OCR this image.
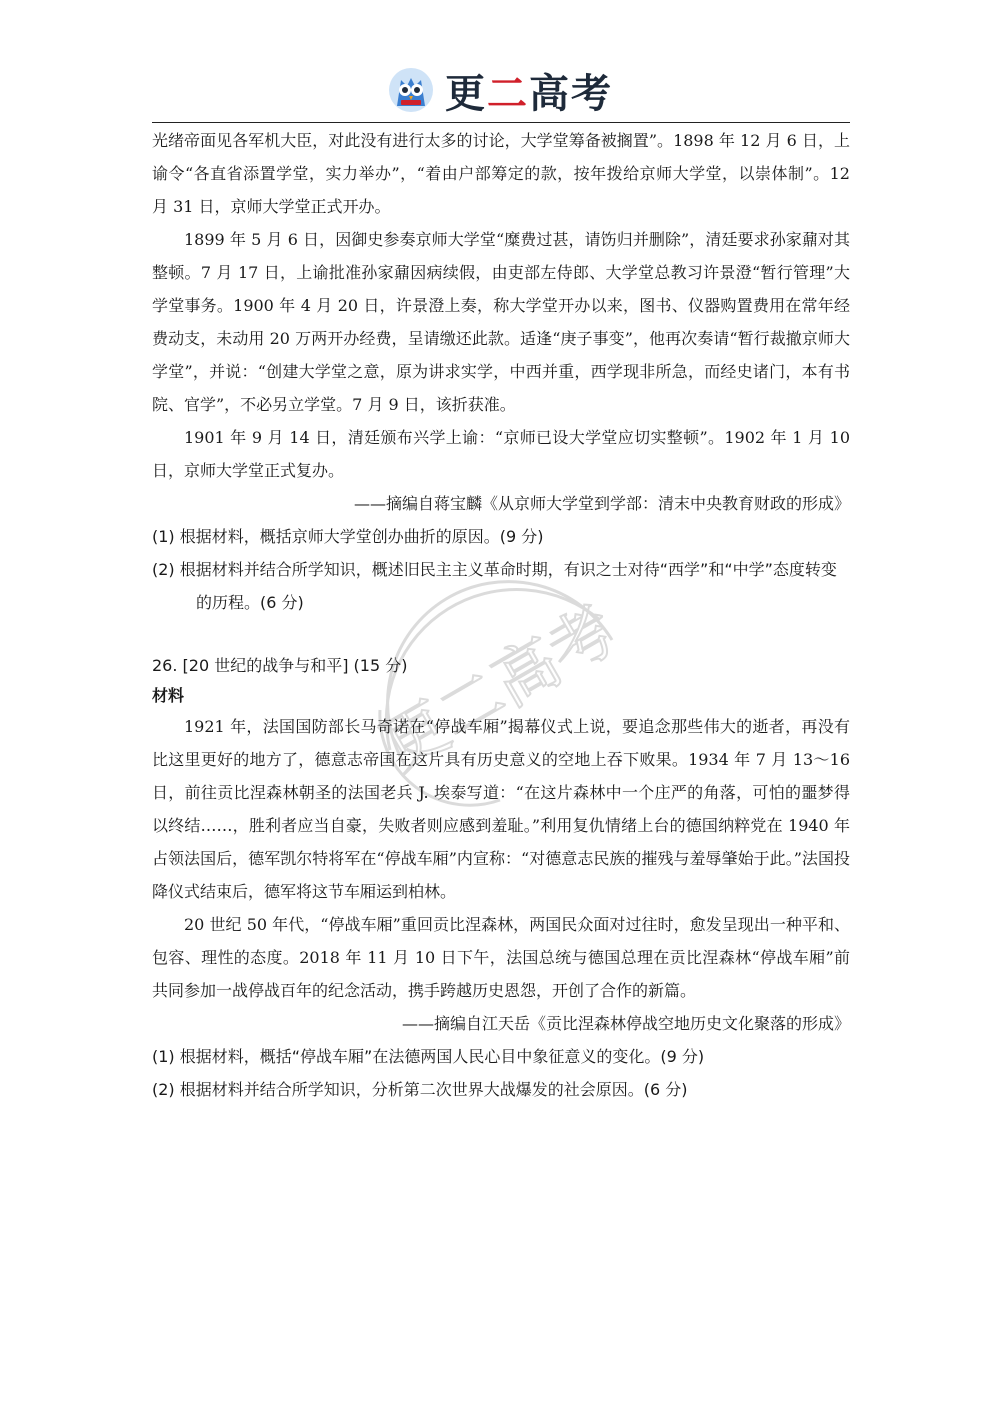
更二高考
更二高考

光绪帝面见各军机大臣，对此没有进行太多的讨论，大学堂筹备被搁置”。1898 年 12 月 6 日，上谕令“各直省添置学堂，实力举办”，“着由户部筹定的款，按年拨给京师大学堂，以崇体制”。12 月 31 日，京师大学堂正式开办。

1899 年 5 月 6 日，因御史参奏京师大学堂“糜费过甚，请饬归并删除”，清廷要求孙家鼐对其整顿。7 月 17 日，上谕批准孙家鼐因病续假，由吏部左侍郎、大学堂总教习许景澄“暂行管理”大学堂事务。1900 年 4 月 20 日，许景澄上奏，称大学堂开办以来，图书、仪器购置费用在常年经费动支，未动用 20 万两开办经费，呈请缴还此款。适逢“庚子事变”，他再次奏请“暂行裁撤京师大学堂”，并说：“创建大学堂之意，原为讲求实学，中西并重，西学现非所急，而经史诸门，本有书院、官学”，不必另立学堂。7 月 9 日，该折获准。

1901 年 9 月 14 日，清廷颁布兴学上谕：“京师已设大学堂应切实整顿”。1902 年 1 月 10 日，京师大学堂正式复办。

——摘编自蒋宝麟《从京师大学堂到学部：清末中央教育财政的形成》

(1) 根据材料，概括京师大学堂创办曲折的原因。(9 分)

(2) 根据材料并结合所学知识，概述旧民主主义革命时期，有识之士对待“西学”和“中学”态度转变的历程。(6 分)

26. [20 世纪的战争与和平] (15 分)

材料

1921 年，法国国防部长马奇诺在“停战车厢”揭幕仪式上说，要追念那些伟大的逝者，再没有比这里更好的地方了，德意志帝国在这片具有历史意义的空地上吞下败果。1934 年 7 月 13～16 日，前往贡比涅森林朝圣的法国老兵 J. 埃泰写道：“在这片森林中一个庄严的角落，可怕的噩梦得以终结……，胜利者应当自豪，失败者则应感到羞耻。”利用复仇情绪上台的德国纳粹党在 1940 年占领法国后，德军凯尔特将军在“停战车厢”内宣称：“对德意志民族的摧残与羞辱肇始于此。”法国投降仪式结束后，德军将这节车厢运到柏林。

20 世纪 50 年代，“停战车厢”重回贡比涅森林，两国民众面对过往时，愈发呈现出一种平和、包容、理性的态度。2018 年 11 月 10 日下午，法国总统与德国总理在贡比涅森林“停战车厢”前共同参加一战停战百年的纪念活动，携手跨越历史恩怨，开创了合作的新篇。

——摘编自江天岳《贡比涅森林停战空地历史文化聚落的形成》

(1) 根据材料，概括“停战车厢”在法德两国人民心目中象征意义的变化。(9 分)

(2) 根据材料并结合所学知识，分析第二次世界大战爆发的社会原因。(6 分)
